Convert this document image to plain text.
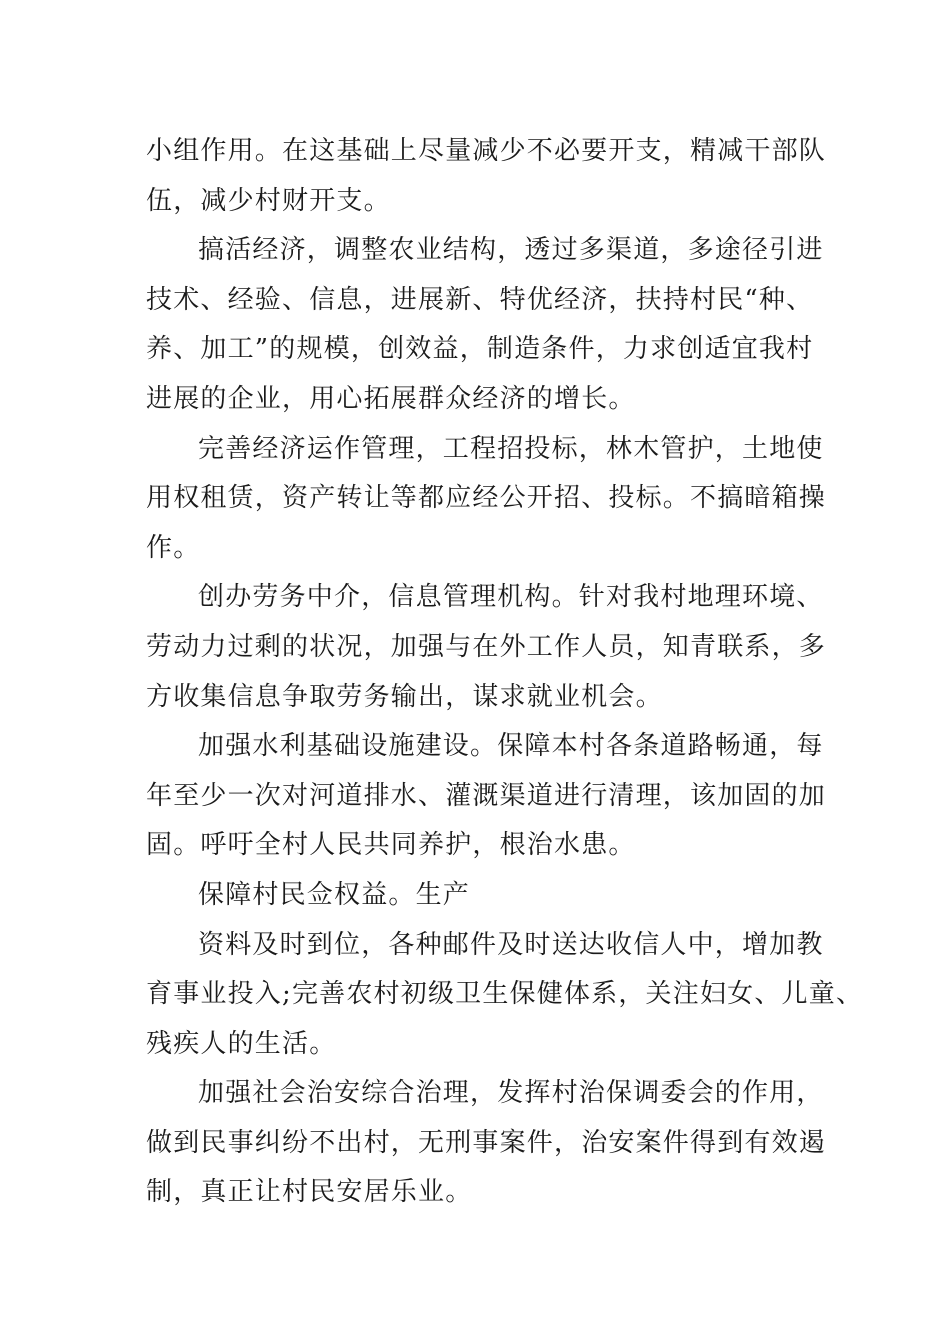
小组作用。在这基础上尽量减少不必要开支，精减干部队
伍，减少村财开支。
搞活经济，调整农业结构，透过多渠道，多途径引进
技术、经验、信息，进展新、特优经济，扶持村民“种、
养、加工”的规模，创效益，制造条件，力求创适宜我村
进展的企业，用心拓展群众经济的增长。
完善经济运作管理，工程招投标，林木管护，土地使
用权租赁，资产转让等都应经公开招、投标。不搞暗箱操
作。
创办劳务中介，信息管理机构。针对我村地理环境、
劳动力过剩的状况，加强与在外工作人员，知青联系，多
方收集信息争取劳务输出，谋求就业机会。
加强水利基础设施建设。保障本村各条道路畅通，每
年至少一次对河道排水、灌溉渠道进行清理，该加固的加
固。呼吁全村人民共同养护，根治水患。
保障村民佥权益。生产
资料及时到位，各种邮件及时送达收信人中，增加教
育事业投入;完善农村初级卫生保健体系，关注妇女、儿童、
残疾人的生活。
加强社会治安综合治理，发挥村治保调委会的作用，
做到民事纠纷不出村，无刑事案件，治安案件得到有效遏
制，真正让村民安居乐业。
